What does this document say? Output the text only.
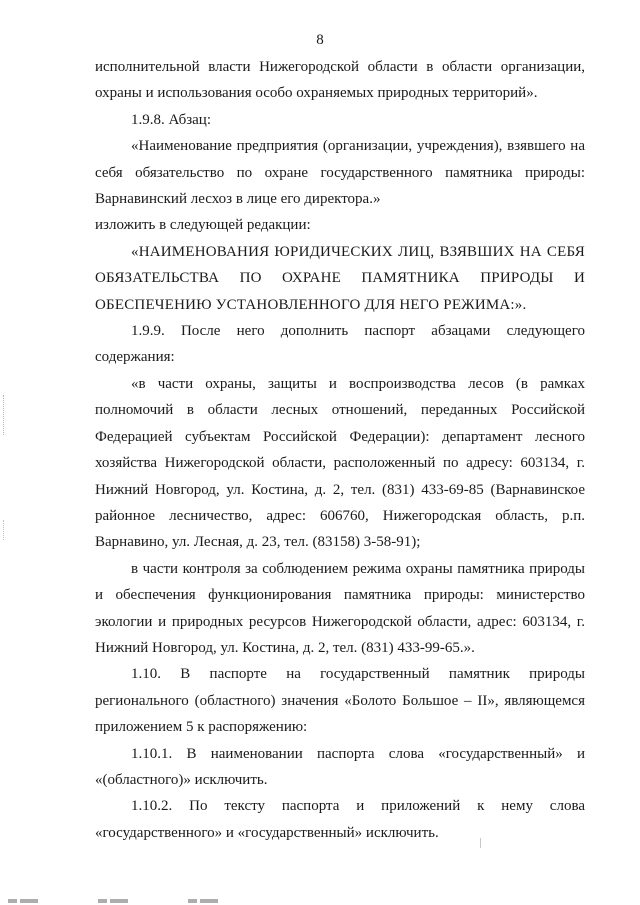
8

исполнительной власти Нижегородской области в области организации, охраны и использования особо охраняемых природных территорий».

1.9.8. Абзац:

«Наименование предприятия (организации, учреждения), взявшего на себя обязательство по охране государственного памятника природы: Варнавинский лесхоз в лице его директора.»

изложить в следующей редакции:

«НАИМЕНОВАНИЯ ЮРИДИЧЕСКИХ ЛИЦ, ВЗЯВШИХ НА СЕБЯ ОБЯЗАТЕЛЬСТВА ПО ОХРАНЕ ПАМЯТНИКА ПРИРОДЫ И ОБЕСПЕЧЕНИЮ УСТАНОВЛЕННОГО ДЛЯ НЕГО РЕЖИМА:».

1.9.9. После него дополнить паспорт абзацами следующего содержания:

«в части охраны, защиты и воспроизводства лесов (в рамках полномочий в области лесных отношений, переданных Российской Федерацией субъектам Российской Федерации): департамент лесного хозяйства Нижегородской области, расположенный по адресу: 603134, г. Нижний Новгород, ул. Костина, д. 2, тел. (831) 433-69-85 (Варнавинское районное лесничество, адрес: 606760, Нижегородская область, р.п. Варнавино, ул. Лесная, д. 23, тел. (83158) 3-58-91);

в части контроля за соблюдением режима охраны памятника природы и обеспечения функционирования памятника природы: министерство экологии и природных ресурсов Нижегородской области, адрес: 603134, г. Нижний Новгород, ул. Костина, д. 2, тел. (831) 433-99-65.».

1.10. В паспорте на государственный памятник природы регионального (областного) значения «Болото Большое – II», являющемся приложением 5 к распоряжению:

1.10.1. В наименовании паспорта слова «государственный» и «(областного)» исключить.

1.10.2. По тексту паспорта и приложений к нему слова «государственного» и «государственный» исключить.
